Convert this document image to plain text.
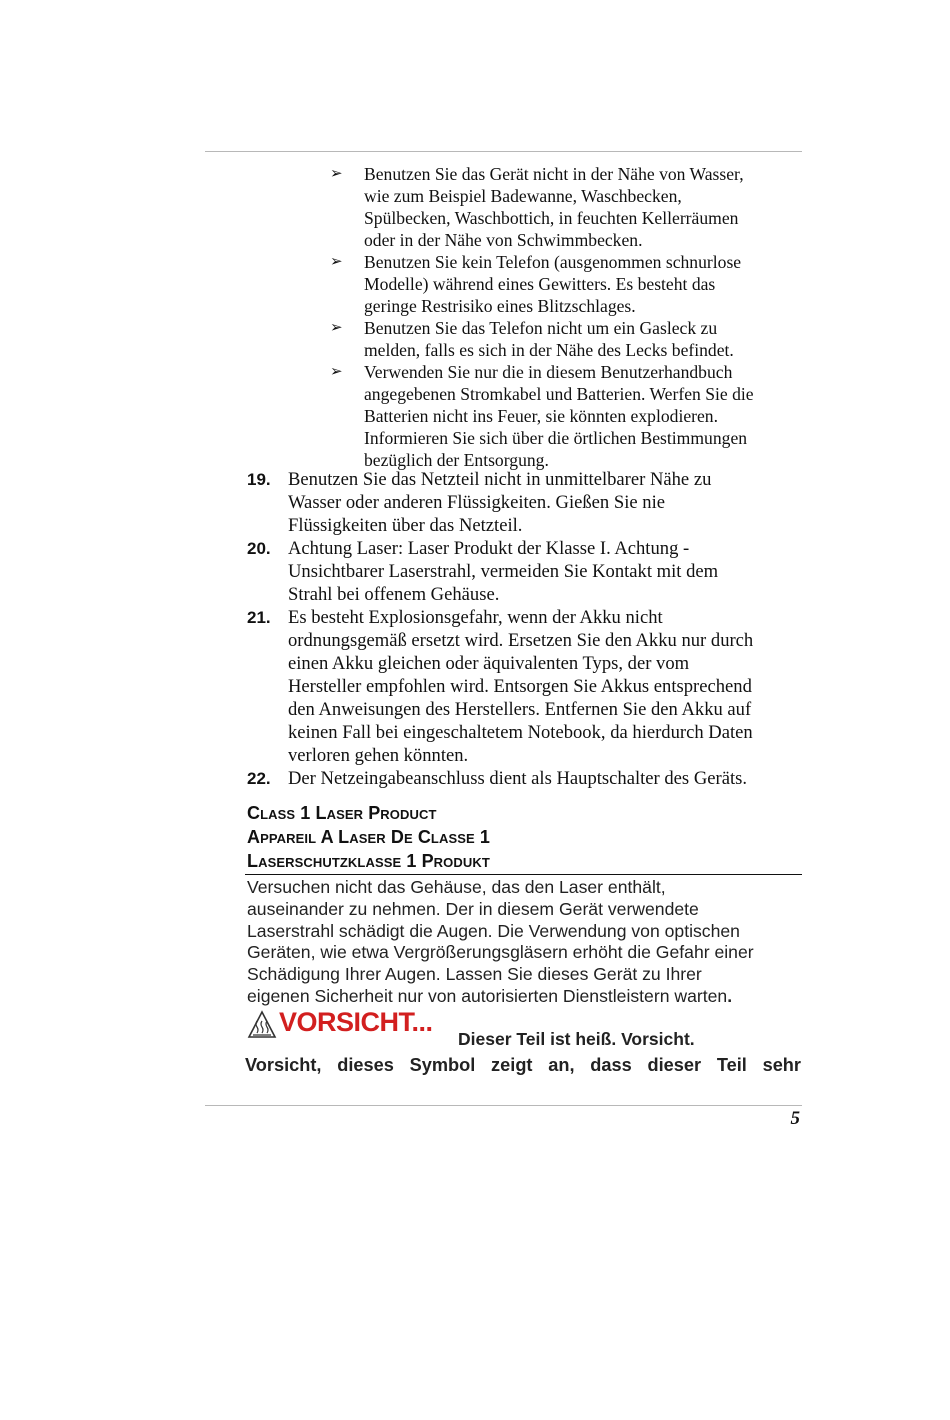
➢ Benutzen Sie das Gerät nicht in der Nähe von Wasser,
wie zum Beispiel Badewanne, Waschbecken,
Spülbecken, Waschbottich, in feuchten Kellerräumen
oder in der Nähe von Schwimmbecken.
➢ Benutzen Sie kein Telefon (ausgenommen schnurlose
Modelle) während eines Gewitters. Es besteht das
geringe Restrisiko eines Blitzschlages.
➢ Benutzen Sie das Telefon nicht um ein Gasleck zu
melden, falls es sich in der Nähe des Lecks befindet.
➢ Verwenden Sie nur die in diesem Benutzerhandbuch
angegebenen Stromkabel und Batterien. Werfen Sie die
Batterien nicht ins Feuer, sie könnten explodieren.
Informieren Sie sich über die örtlichen Bestimmungen
bezüglich der Entsorgung.
19. Benutzen Sie das Netzteil nicht in unmittelbarer Nähe zu
Wasser oder anderen Flüssigkeiten. Gießen Sie nie
Flüssigkeiten über das Netzteil.
20. Achtung Laser: Laser Produkt der Klasse I. Achtung -
Unsichtbarer Laserstrahl, vermeiden Sie Kontakt mit dem
Strahl bei offenem Gehäuse.
21. Es besteht Explosionsgefahr, wenn der Akku nicht
ordnungsgemäß ersetzt wird. Ersetzen Sie den Akku nur durch
einen Akku gleichen oder äquivalenten Typs, der vom
Hersteller empfohlen wird. Entsorgen Sie Akkus entsprechend
den Anweisungen des Herstellers. Entfernen Sie den Akku auf
keinen Fall bei eingeschaltetem Notebook, da hierdurch Daten
verloren gehen könnten.
22. Der Netzeingabeanschluss dient als Hauptschalter des Geräts.
Class 1 Laser Product
Appareil A Laser De Classe 1
Laserschutzklasse 1 Produkt
Versuchen nicht das Gehäuse, das den Laser enthält,
auseinander zu nehmen. Der in diesem Gerät verwendete
Laserstrahl schädigt die Augen. Die Verwendung von optischen
Geräten, wie etwa Vergrößerungsgläsern erhöht die Gefahr einer
Schädigung Ihrer Augen. Lassen Sie dieses Gerät zu Ihrer
eigenen Sicherheit nur von autorisierten Dienstleistern warten.
VORSICHT...
Dieser Teil ist heiß. Vorsicht.
Vorsicht, dieses Symbol zeigt an, dass dieser Teil sehr
5
